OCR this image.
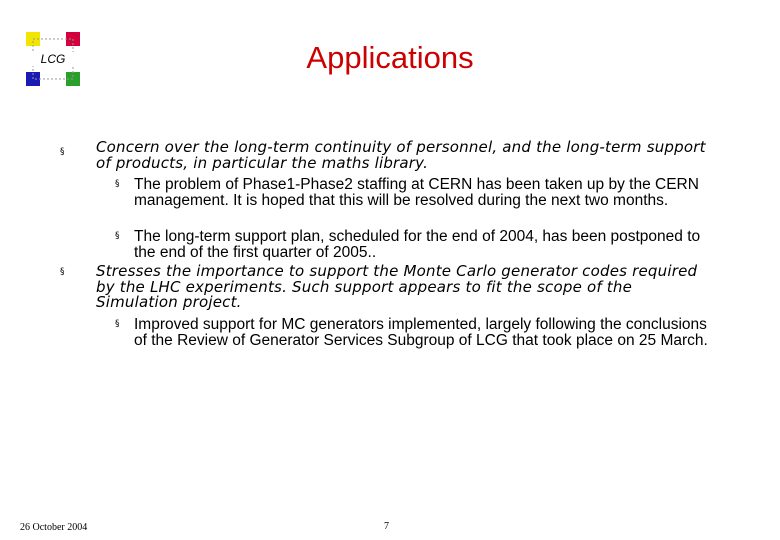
LCG	Applications
§ Concern over the long-term continuity of personnel, and the long-term support of products, in particular the maths library.
§ The problem of Phase1-Phase2 staffing at CERN has been taken up by the CERN management. It is hoped that this will be resolved during the next two months.
§ The long-term support plan, scheduled for the end of 2004, has been postponed to the end of the first quarter of 2005..
§ Stresses the importance to support the Monte Carlo generator codes required by the LHC experiments. Such support appears to fit the scope of the Simulation project.
§ Improved support for MC generators implemented, largely following the conclusions of the Review of Generator Services Subgroup of LCG that took place on 25 March.
26 October 2004	7
